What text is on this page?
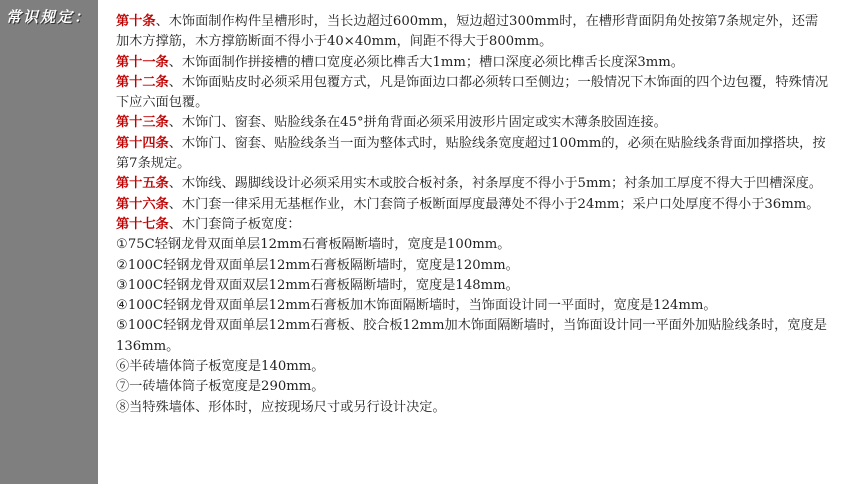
常识规定： 第十条、木饰面制作构件呈槽形时，当长边超过600mm，短边超过300mm时，在槽形背面阴角处按第7条规定外，还需加木方撑筋，木方撑筋断面不得小于40×40mm，间距不得大于800mm。

第十一条、木饰面制作拼接槽的槽口宽度必须比榫舌大1mm；槽口深度必须比榫舌长度深3mm。

第十二条、木饰面贴皮时必须采用包覆方式，凡是饰面边口都必须转口至侧边；一般情况下木饰面的四个边包覆，特殊情况下应六面包覆。

第十三条、木饰门、窗套、贴脸线条在45°拼角背面必须采用波形片固定或实木薄条胶固连接。

第十四条、木饰门、窗套、贴脸线条当一面为整体式时，贴脸线条宽度超过100mm的，必须在贴脸线条背面加撑搭块，按第7条规定。

第十五条、木饰线、踢脚线设计必须采用实木或胶合板衬条，衬条厚度不得小于5mm；衬条加工厚度不得大于凹槽深度。

第十六条、木门套一律采用无基框作业，木门套筒子板断面厚度最薄处不得小于24mm；采户口处厚度不得小于36mm。

第十七条、木门套筒子板宽度：

①75C轻钢龙骨双面单层12mm石膏板隔断墙时，宽度是100mm。

②100C轻钢龙骨双面单层12mm石膏板隔断墙时，宽度是120mm。

③100C轻钢龙骨双面双层12mm石膏板隔断墙时，宽度是148mm。

④100C轻钢龙骨双面单层12mm石膏板加木饰面隔断墙时，当饰面设计同一平面时，宽度是124mm。

⑤100C轻钢龙骨双面单层12mm石膏板、胶合板12mm加木饰面隔断墙时，当饰面设计同一平面外加贴脸线条时，宽度是136mm。

⑥半砖墙体筒子板宽度是140mm。

⑦一砖墙体筒子板宽度是290mm。

⑧当特殊墙体、形体时，应按现场尺寸或另行设计决定。
